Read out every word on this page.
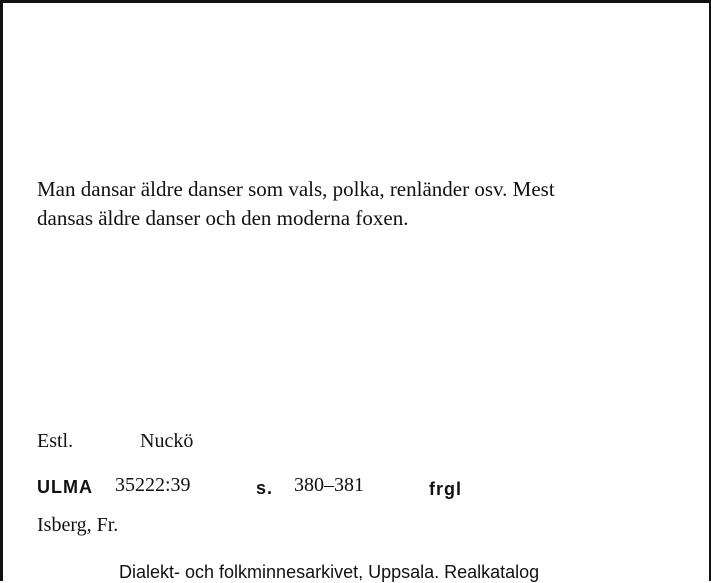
Man dansar äldre danser som vals, polka, renländer osv. Mest
dansas äldre danser och den moderna foxen.
Estl.	Nuckö
ULMA 35222:39	s. 380–381	frgl
Isberg, Fr.
Dialekt- och folkminnesarkivet, Uppsala. Realkatalog
